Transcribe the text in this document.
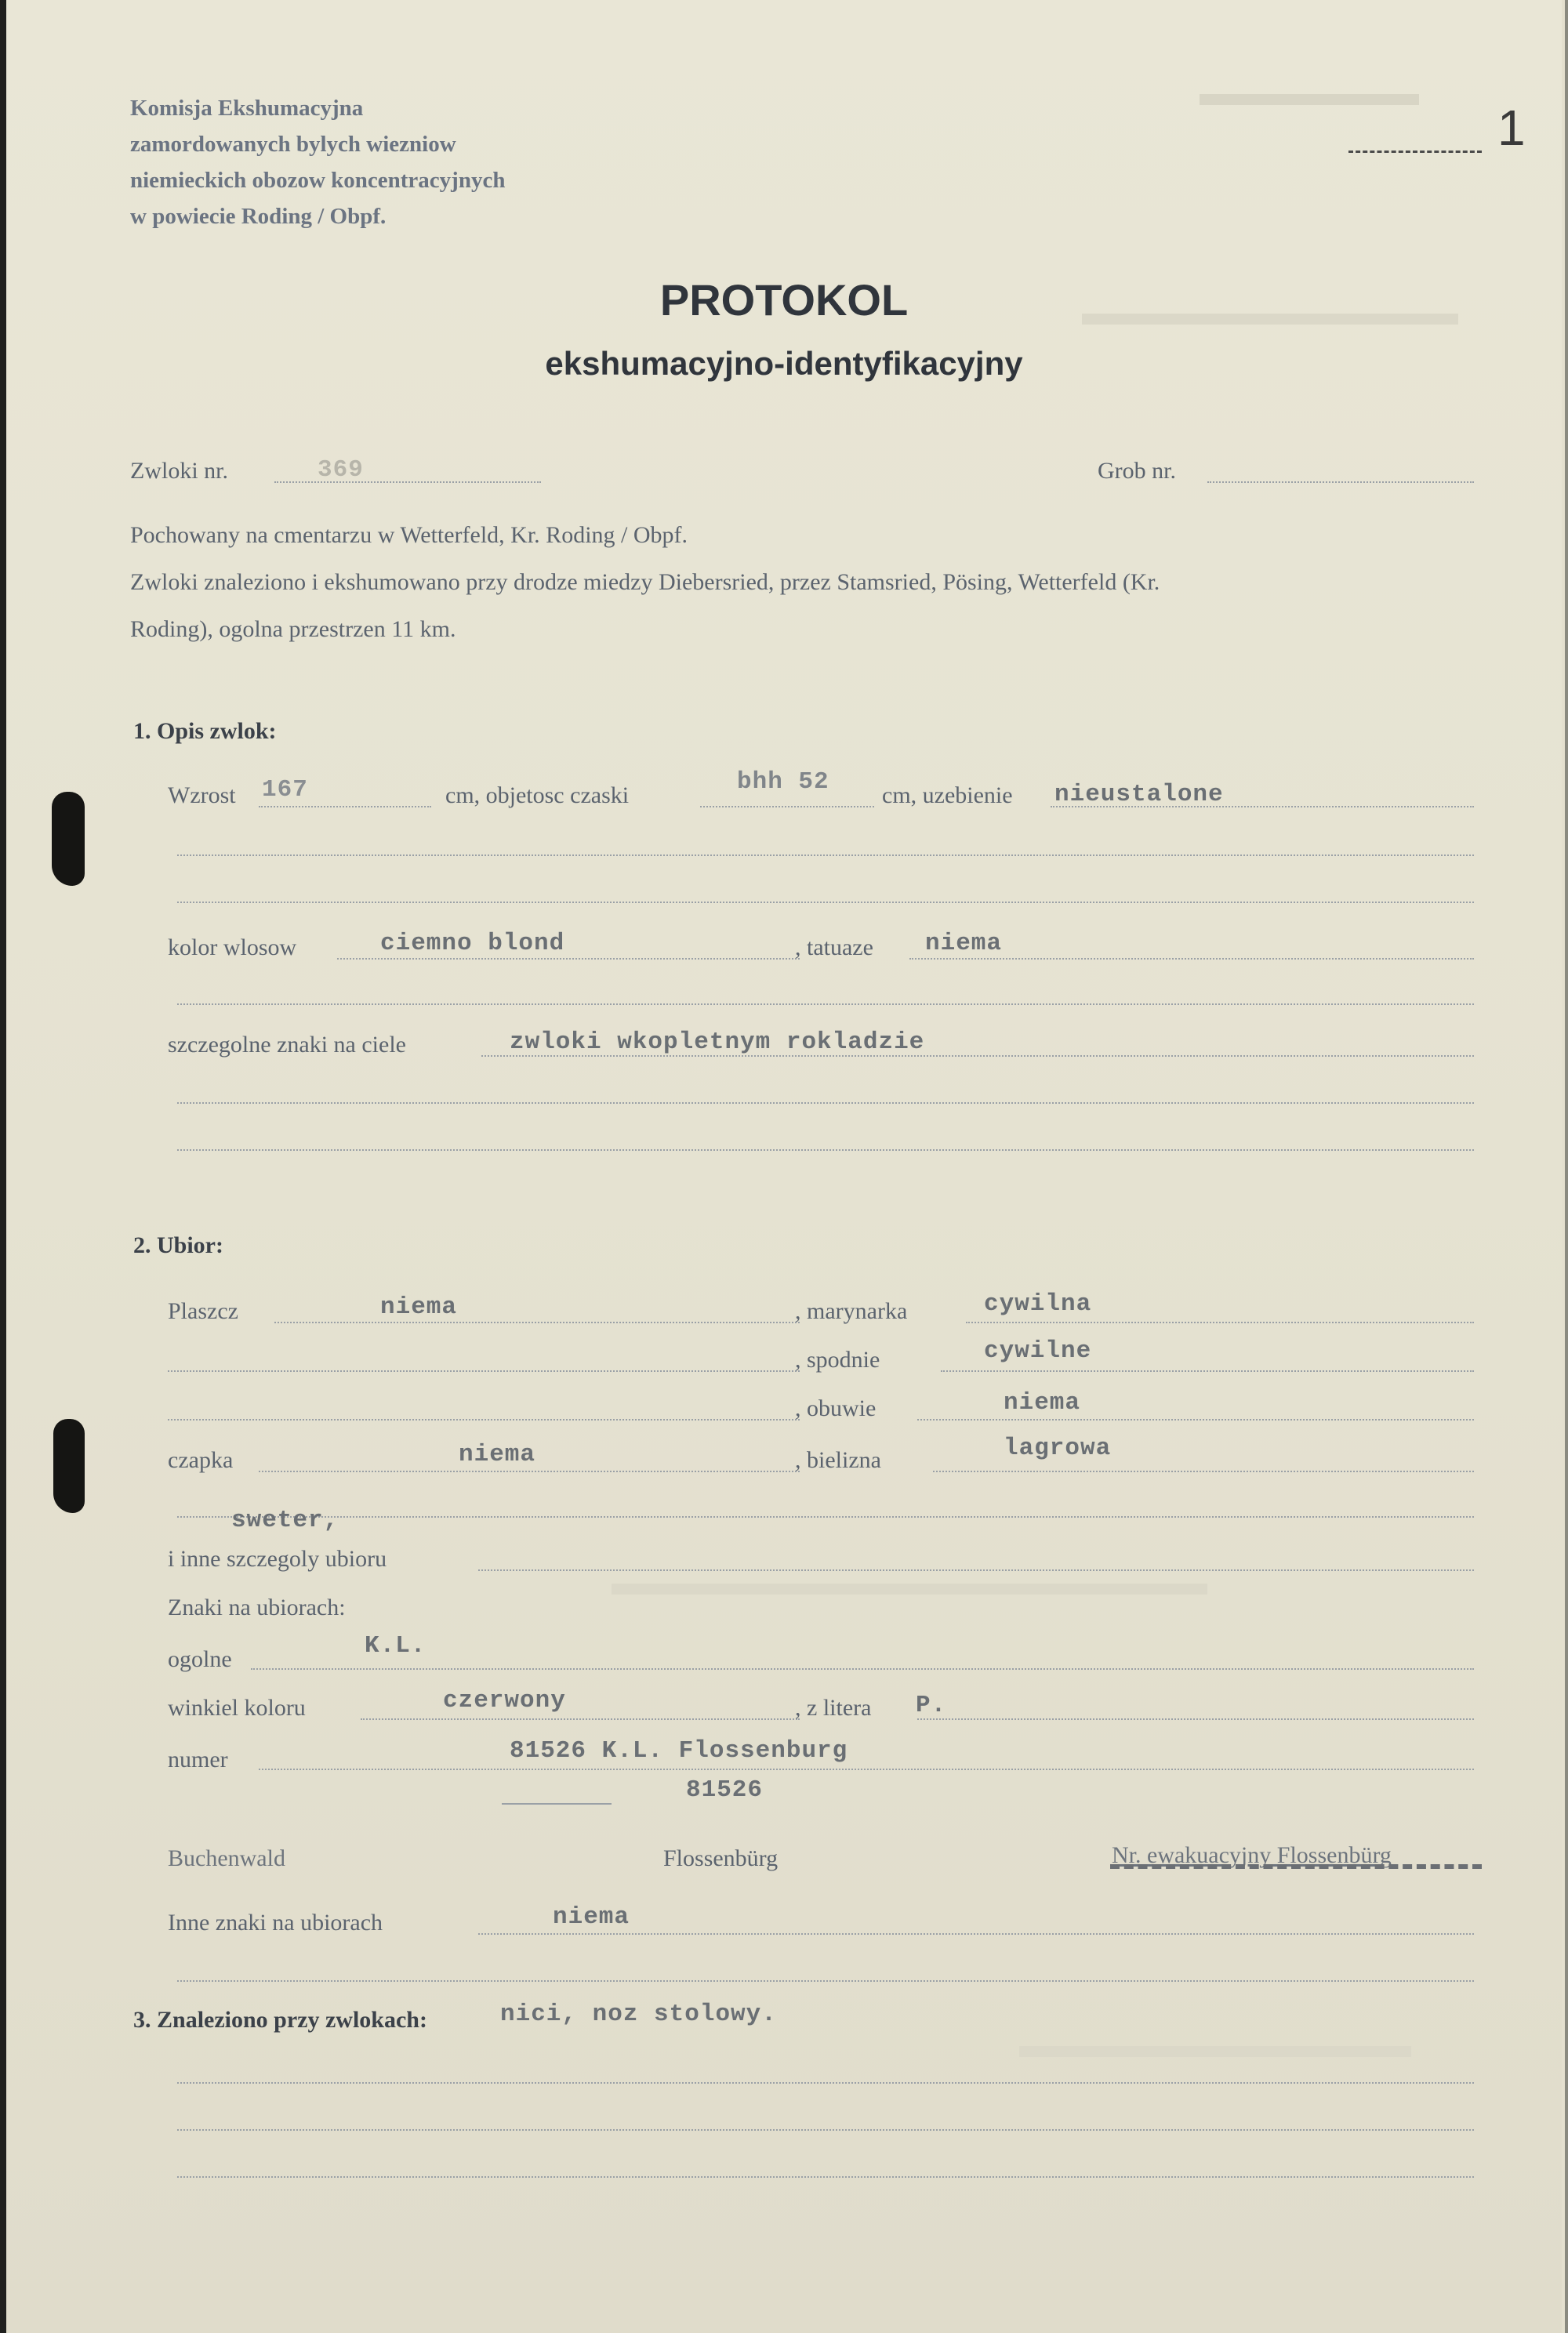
1
Komisja Ekshumacyjna
zamordowanych bylych wiezniow
niemieckich obozow koncentracyjnych
w powiecie Roding / Obpf.
PROTOKOL
ekshumacyjno-identyfikacyjny
Zwloki nr.	369	Grob nr.
Pochowany na cmentarzu w Wetterfeld, Kr. Roding / Obpf.
Zwloki znaleziono i ekshumowano przy drodze miedzy Diebersried, przez Stamsried, Pösing, Wetterfeld (Kr.
Roding), ogolna przestrzen 11 km.
1. Opis zwlok:
Wzrost 167	cm, objetosc czaski	bhh 52 cm, uzebienie nieustalone
kolor wlosow	ciemno blond	, tatuaze niema
szczegolne znaki na ciele	zwloki wkopletnym rokladzie
2. Ubior:
Plaszcz	niema	, marynarka	cywilna
, spodnie	cywilne
, obuwie	niema
czapka	niema	, bielizna	lagrowa
sweter,
i inne szczegoly ubioru
Znaki na ubiorach:
ogolne	K.L.
winkiel koloru	czerwony	, z litera P.
numer	81526 K.L. Flossenburg
81526
Buchenwald	Flossenbürg	Nr. ewakuacyjny Flossenbürg
Inne znaki na ubiorach	niema
3. Znaleziono przy zwlokach:	nici, noz stolowy.
